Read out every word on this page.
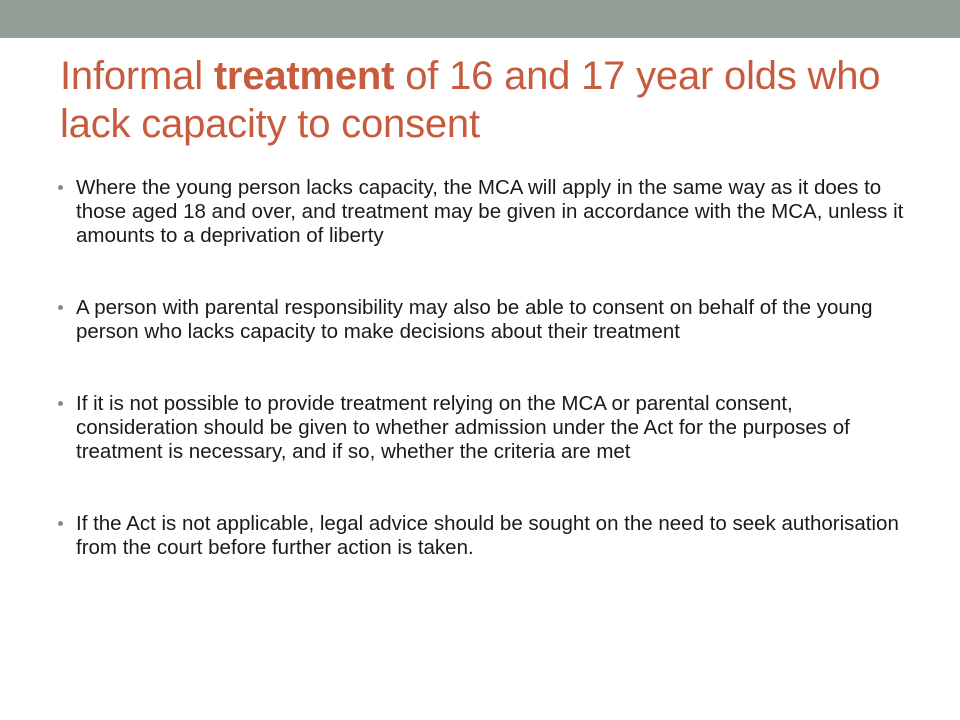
Informal treatment of 16 and 17 year olds who lack capacity to consent
Where the young person lacks capacity, the MCA will apply in the same way as it does to those aged 18 and over, and treatment may be given in accordance with the MCA, unless it amounts to a deprivation of liberty
A person with parental responsibility may also be able to consent on behalf of the young person who lacks capacity to make decisions about their treatment
If it is not possible to provide treatment relying on the MCA or parental consent, consideration should be given to whether admission under the Act for the purposes of treatment is necessary, and if so, whether the criteria are met
If the Act is not applicable, legal advice should be sought on the need to seek authorisation from the court before further action is taken.
